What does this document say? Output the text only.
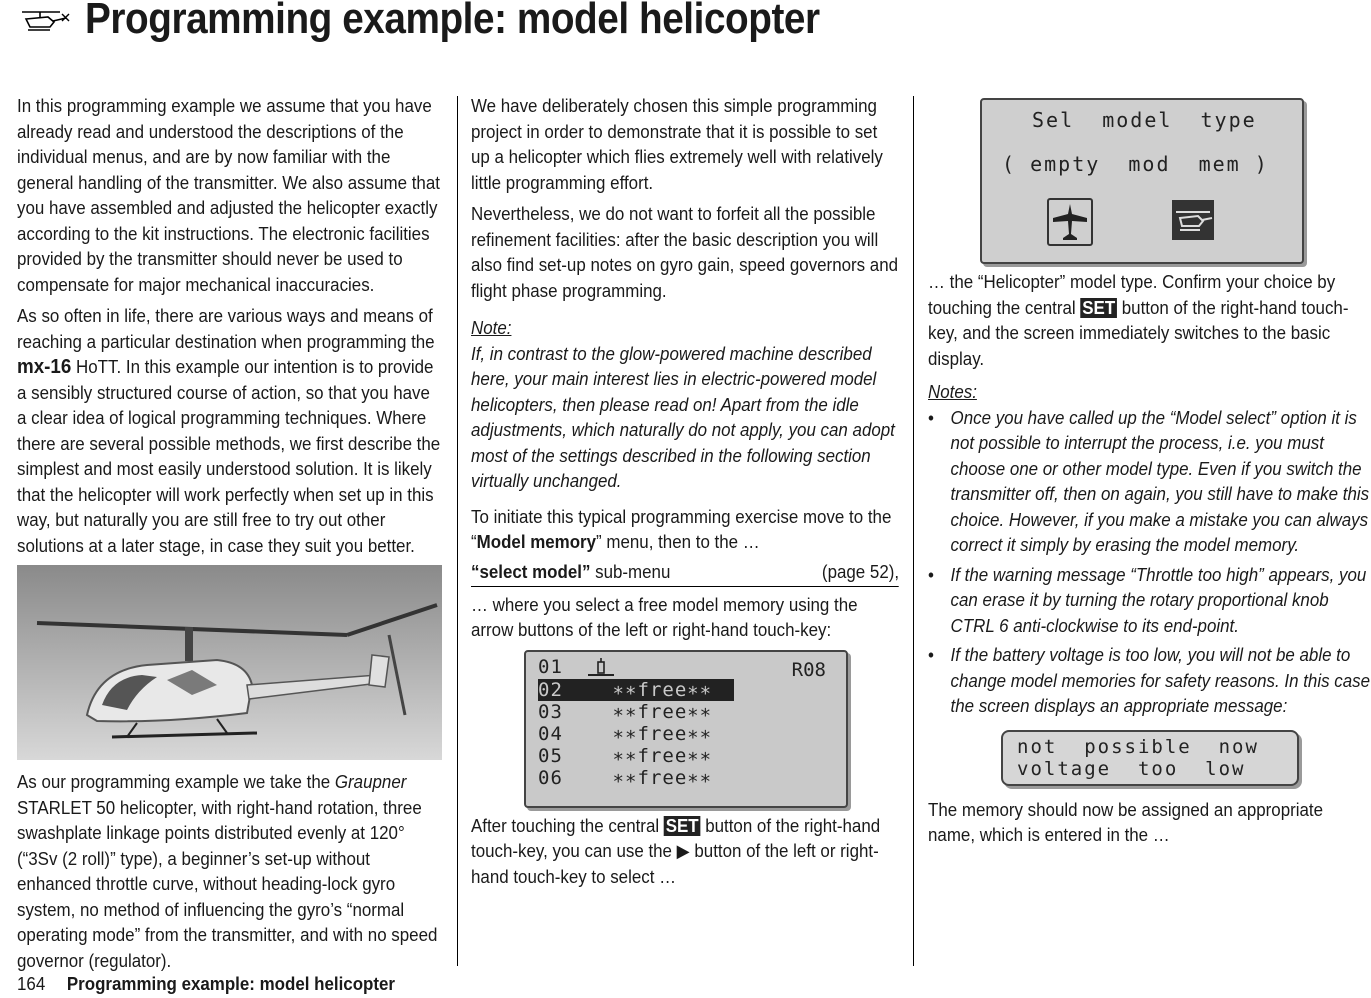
Programming example: model helicopter

In this programming example we assume that you have already read and understood the descriptions of the individual menus, and are by now familiar with the general handling of the transmitter. We also assume that you have assembled and adjusted the helicopter exactly according to the kit instructions. The electronic facilities provided by the transmitter should never be used to compensate for major mechanical inaccuracies.

As so often in life, there are various ways and means of reaching a particular destination when programming the mx-16 HoTT. In this example our intention is to provide a sensibly structured course of action, so that you have a clear idea of logical programming techniques. Where there are several possible methods, we first describe the simplest and most easily understood solution. It is likely that the helicopter will work perfectly when set up in this way, but naturally you are still free to try out other solutions at a later stage, in case they suit you better.

As our programming example we take the Graupner STARLET 50 helicopter, with right-hand rotation, three swashplate linkage points distributed evenly at 120° (“3Sv (2 roll)” type), a beginner’s set-up without enhanced throttle curve, without heading-lock gyro system, no method of influencing the gyro’s “normal operating mode” from the transmitter, and with no speed governor (regulator).

We have deliberately chosen this simple programming project in order to demonstrate that it is possible to set up a helicopter which flies extremely well with relatively little programming effort.

Nevertheless, we do not want to forfeit all the possible refinement facilities: after the basic description you will also find set-up notes on gyro gain, speed governors and flight phase programming.

Note:

If, in contrast to the glow-powered machine described here, your main interest lies in electric-powered model helicopters, then please read on! Apart from the idle adjustments, which naturally do not apply, you can adopt most of the settings described in the following section virtually unchanged.

To initiate this typical programming exercise move to the “Model memory” menu, then to the …

“select model” sub-menu	(page 52),

… where you select a free model memory using the arrow buttons of the left or right-hand touch-key:

01	R08
02    ∗∗free∗∗
03    ∗∗free∗∗
04    ∗∗free∗∗
05    ∗∗free∗∗
06    ∗∗free∗∗

After touching the central SET button of the right-hand touch-key, you can use the ▶ button of the left or right-hand touch-key to select …

Sel  model  type
( empty  mod  mem )

… the “Helicopter” model type. Confirm your choice by touching the central SET button of the right-hand touch-key, and the screen immediately switches to the basic display.

Notes:

• Once you have called up the “Model select” option it is not possible to interrupt the process, i.e. you must choose one or other model type. Even if you switch the transmitter off, then on again, you still have to make this choice. However, if you make a mistake you can always correct it simply by erasing the model memory.
• If the warning message “Throttle too high” appears, you can erase it by turning the rotary proportional knob CTRL 6 anti-clockwise to its end-point.
• If the battery voltage is too low, you will not be able to change model memories for safety reasons. In this case the screen displays an appropriate message:
not  possible  now
voltage  too  low

The memory should now be assigned an appropriate name, which is entered in the …

164 Programming example: model helicopter
